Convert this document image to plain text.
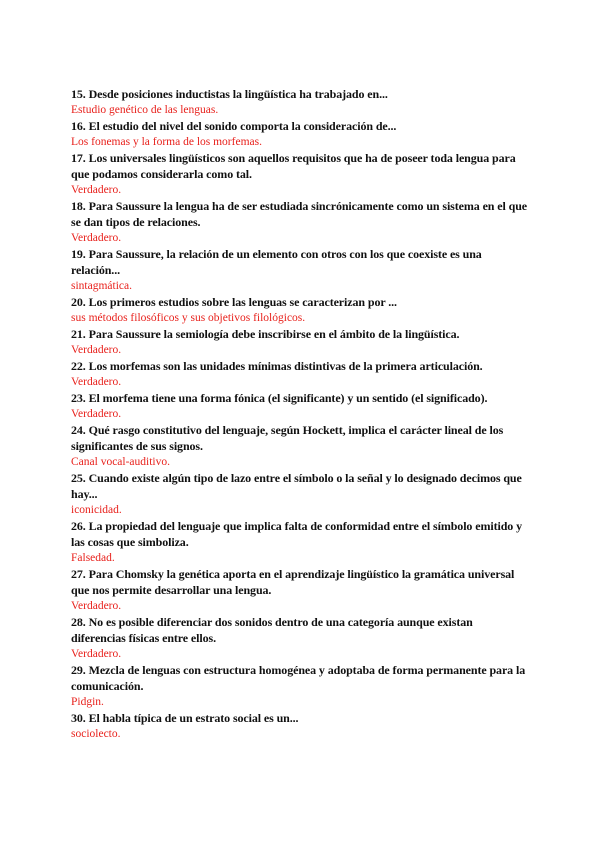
15. Desde posiciones inductistas la lingüística ha trabajado en...

Estudio genético de las lenguas.

16. El estudio del nivel del sonido comporta la consideración de...

Los fonemas y la forma de los morfemas.

17. Los universales lingüísticos son aquellos requisitos que ha de poseer toda lengua para que podamos considerarla como tal.

Verdadero.

18. Para Saussure la lengua ha de ser estudiada sincrónicamente como un sistema en el que se dan tipos de relaciones.

Verdadero.

19. Para Saussure, la relación de un elemento con otros con los que coexiste es una relación...

sintagmática.

20. Los primeros estudios sobre las lenguas se caracterizan por ...

sus métodos filosóficos y sus objetivos filológicos.

21. Para Saussure la semiología debe inscribirse en el ámbito de la lingüística.

Verdadero.

22. Los morfemas son las unidades mínimas distintivas de la primera articulación.

Verdadero.

23. El morfema tiene una forma fónica (el significante) y un sentido (el significado).

Verdadero.

24. Qué rasgo constitutivo del lenguaje, según Hockett, implica el carácter lineal de los significantes de sus signos.

Canal vocal-auditivo.

25. Cuando existe algún tipo de lazo entre el símbolo o la señal y lo designado decimos que hay...

iconicidad.

26. La propiedad del lenguaje que implica falta de conformidad entre el símbolo emitido y las cosas que simboliza.

Falsedad.

27. Para Chomsky la genética aporta en el aprendizaje lingüístico la gramática universal que nos permite desarrollar una lengua.

Verdadero.

28. No es posible diferenciar dos sonidos dentro de una categoría aunque existan diferencias físicas entre ellos.

Verdadero.

29. Mezcla de lenguas con estructura homogénea y adoptaba de forma permanente para la comunicación.

Pidgin.

30. El habla típica de un estrato social es un...

sociolecto.
